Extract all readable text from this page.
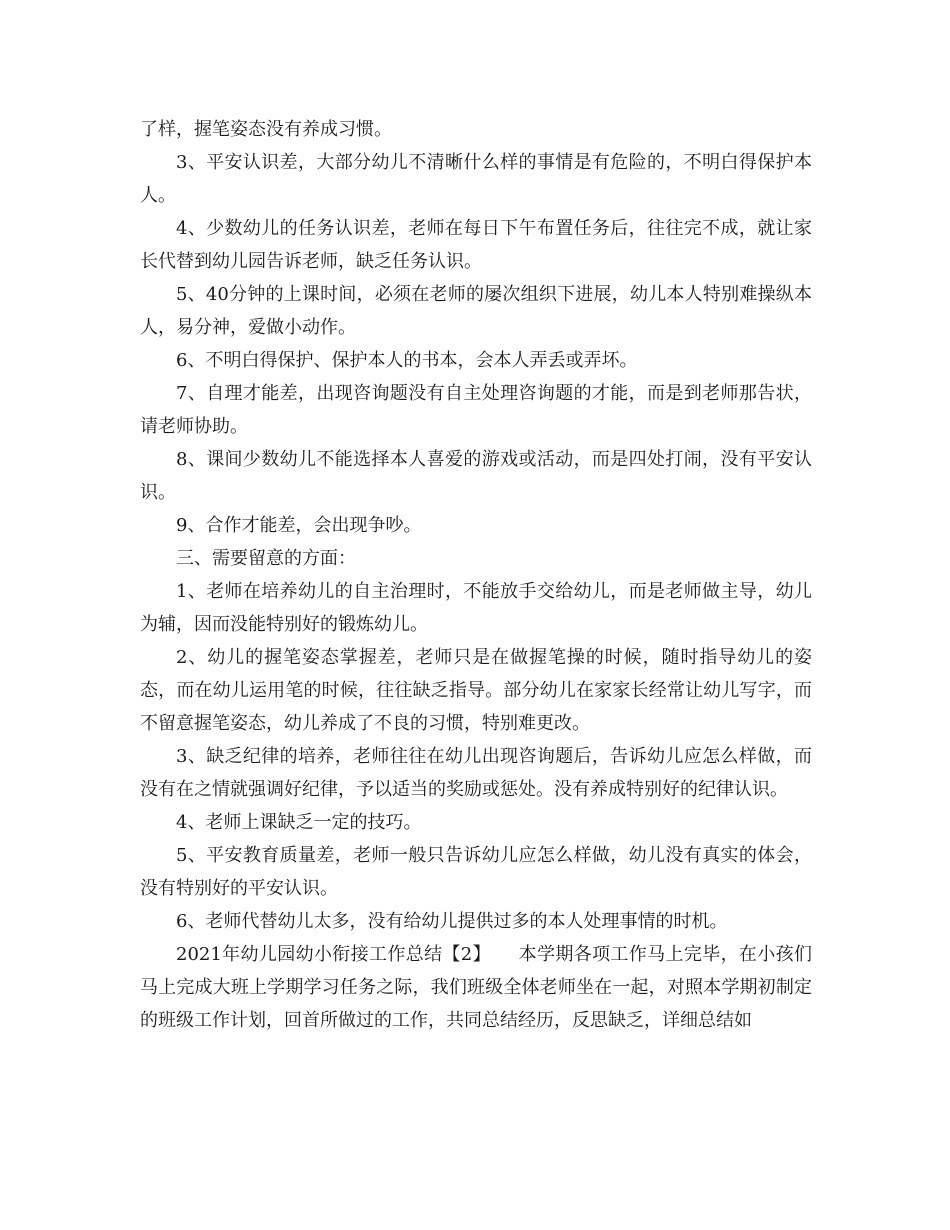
了样，握笔姿态没有养成习惯。

3、平安认识差，大部分幼儿不清晰什么样的事情是有危险的，不明白得保护本人。

4、少数幼儿的任务认识差，老师在每日下午布置任务后，往往完不成，就让家长代替到幼儿园告诉老师，缺乏任务认识。

5、40分钟的上课时间，必须在老师的屡次组织下进展，幼儿本人特别难操纵本人，易分神，爱做小动作。

6、不明白得保护、保护本人的书本，会本人弄丢或弄坏。

7、自理才能差，出现咨询题没有自主处理咨询题的才能，而是到老师那告状，请老师协助。

8、课间少数幼儿不能选择本人喜爱的游戏或活动，而是四处打闹，没有平安认识。

9、合作才能差，会出现争吵。

三、需要留意的方面：

1、老师在培养幼儿的自主治理时，不能放手交给幼儿，而是老师做主导，幼儿为辅，因而没能特别好的锻炼幼儿。

2、幼儿的握笔姿态掌握差，老师只是在做握笔操的时候，随时指导幼儿的姿态，而在幼儿运用笔的时候，往往缺乏指导。部分幼儿在家家长经常让幼儿写字，而不留意握笔姿态，幼儿养成了不良的习惯，特别难更改。

3、缺乏纪律的培养，老师往往在幼儿出现咨询题后，告诉幼儿应怎么样做，而没有在之情就强调好纪律，予以适当的奖励或惩处。没有养成特别好的纪律认识。

4、老师上课缺乏一定的技巧。

5、平安教育质量差，老师一般只告诉幼儿应怎么样做，幼儿没有真实的体会，没有特别好的平安认识。

6、老师代替幼儿太多，没有给幼儿提供过多的本人处理事情的时机。

2021年幼儿园幼小衔接工作总结【2】　　本学期各项工作马上完毕，在小孩们马上完成大班上学期学习任务之际，我们班级全体老师坐在一起，对照本学期初制定的班级工作计划，回首所做过的工作，共同总结经历，反思缺乏，详细总结如
